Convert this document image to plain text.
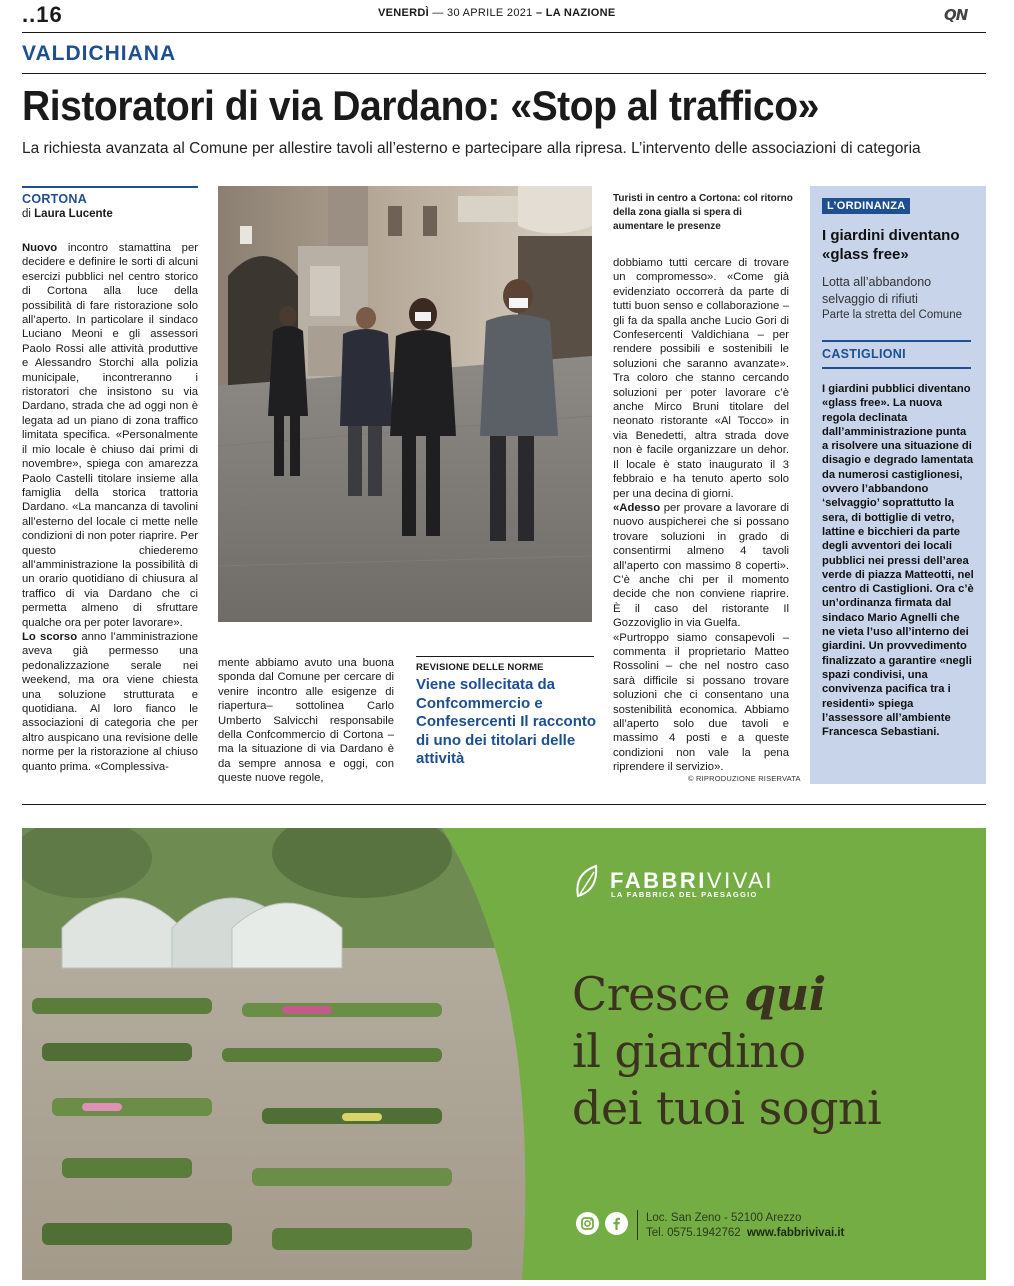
..16	VENERDÌ — 30 APRILE 2021 – LA NAZIONE	QN
VALDICHIANA
Ristoratori di via Dardano: «Stop al traffico»
La richiesta avanzata al Comune per allestire tavoli all’esterno e partecipare alla ripresa. L’intervento delle associazioni di categoria
CORTONA
di Laura Lucente

Nuovo incontro stamattina per decidere e definire le sorti di alcuni esercizi pubblici nel centro storico di Cortona alla luce della possibilità di fare ristorazione solo all’aperto. In particolare il sindaco Luciano Meoni e gli assessori Paolo Rossi alle attività produttive e Alessandro Storchi alla polizia municipale, incontreranno i ristoratori che insistono su via Dardano, strada che ad oggi non è legata ad un piano di zona traffico limitata specifica. «Personalmente il mio locale è chiuso dai primi di novembre», spiega con amarezza Paolo Castelli titolare insieme alla famiglia della storica trattoria Dardano. «La mancanza di tavolini all’esterno del locale ci mette nelle condizioni di non poter riaprire. Per questo chiederemo all’amministrazione la possibilità di un orario quotidiano di chiusura al traffico di via Dardano che ci permetta almeno di sfruttare qualche ora per poter lavorare».

Lo scorso anno l’amministrazione aveva già permesso una pedonalizzazione serale nei weekend, ma ora viene chiesta una soluzione strutturata e quotidiana. Al loro fianco le associazioni di categoria che per altro auspicano una revisione delle norme per la ristorazione al chiuso quanto prima. «Complessiva-

Turisti in centro a Cortona: col ritorno della zona gialla si spera di aumentare le presenze

mente abbiamo avuto una buona sponda dal Comune per cercare di venire incontro alle esigenze di riapertura– sottolinea Carlo Umberto Salvicchi responsabile della Confcommercio di Cortona – ma la situazione di via Dardano è da sempre annosa e oggi, con queste nuove regole,

REVISIONE DELLE NORME
Viene sollecitata da Confcommercio e Confesercenti Il racconto di uno dei titolari delle attività

dobbiamo tutti cercare di trovare un compromesso». «Come già evidenziato occorrerà da parte di tutti buon senso e collaborazione – gli fa da spalla anche Lucio Gori di Confesercenti Valdichiana – per rendere possibili e sostenibili le soluzioni che saranno avanzate». Tra coloro che stanno cercando soluzioni per poter lavorare c’è anche Mirco Bruni titolare del neonato ristorante «Al Tocco» in via Benedetti, altra strada dove non è facile organizzare un dehor. Il locale è stato inaugurato il 3 febbraio e ha tenuto aperto solo per una decina di giorni.

«Adesso per provare a lavorare di nuovo auspicherei che si possano trovare soluzioni in grado di consentirmi almeno 4 tavoli all’aperto con massimo 8 coperti». C’è anche chi per il momento decide che non conviene riaprire. È il caso del ristorante Il Gozzoviglio in via Guelfa.

«Purtroppo siamo consapevoli – commenta il proprietario Matteo Rossolini – che nel nostro caso sarà difficile si possano trovare soluzioni che ci consentano una sostenibilità economica. Abbiamo all’aperto solo due tavoli e massimo 4 posti e a queste condizioni non vale la pena riprendere il servizio».

© RIPRODUZIONE RISERVATA
L’ORDINANZA
I giardini diventano «glass free»
Lotta all’abbandono selvaggio di rifiuti
Parte la stretta del Comune
CASTIGLIONI
I giardini pubblici diventano «glass free». La nuova regola declinata dall’amministrazione punta a risolvere una situazione di disagio e degrado lamentata da numerosi castiglionesi, ovvero l’abbandono ‘selvaggio’ soprattutto la sera, di bottiglie di vetro, lattine e bicchieri da parte degli avventori dei locali pubblici nei pressi dell’area verde di piazza Matteotti, nel centro di Castiglioni. Ora c’è un’ordinanza firmata dal sindaco Mario Agnelli che ne vieta l’uso all’interno dei giardini. Un provvedimento finalizzato a garantire «negli spazi condivisi, una convivenza pacifica tra i residenti» spiega l’assessore all’ambiente Francesca Sebastiani.
FABBRIVIVAI
LA FABBRICA DEL PAESAGGIO
Cresce qui
il giardino
dei tuoi sogni
Loc. San Zeno - 52100 Arezzo
Tel. 0575.1942762 www.fabbrivivai.it
